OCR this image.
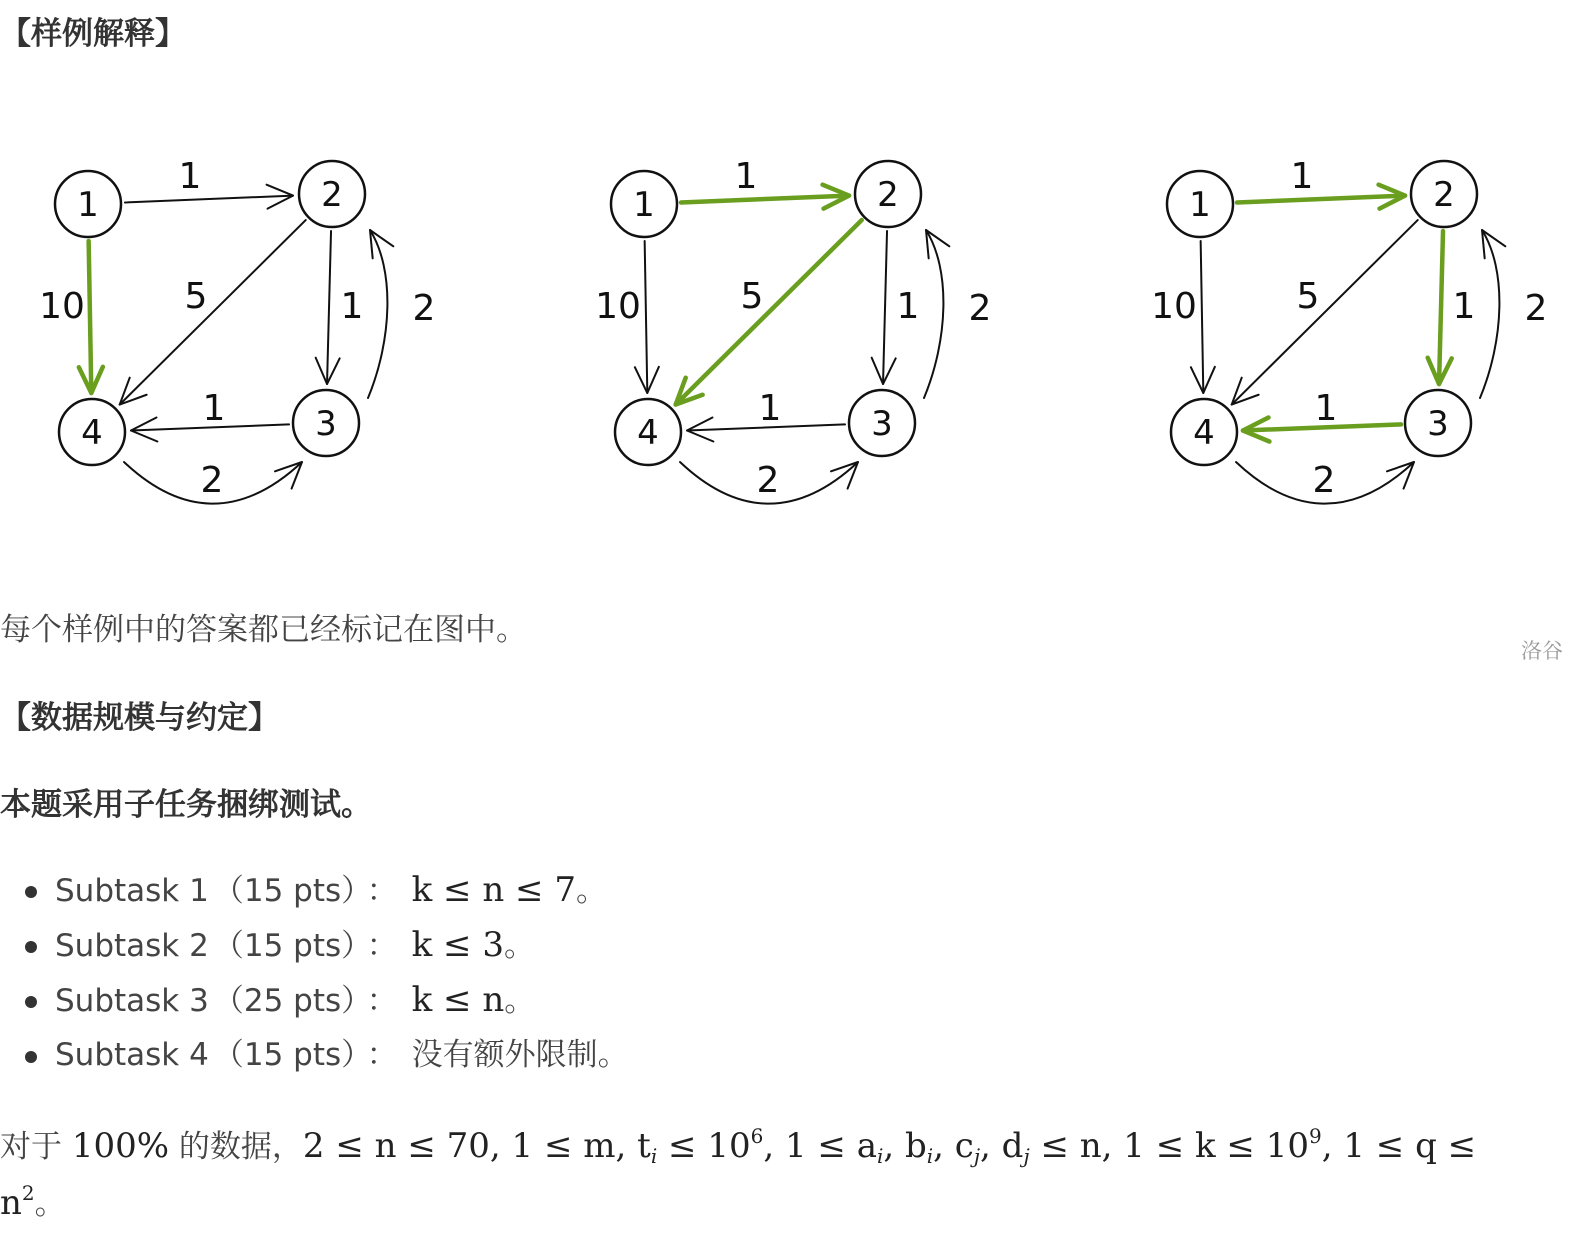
【样例解释】
1
10	5	1 2
1
2
1	2
3
4
1
10	5	1 2
1
2
1	2
3
4
1
10	5	1 2
1
2
1	2
3
4
洛谷

每个样例中的答案都已经标记在图中。

【数据规模与约定】
本题采用子任务捆绑测试。
Subtask 1 （15 pts） ： k ≤ n ≤ 7。
Subtask 2 （15 pts） ： k ≤ 3。
Subtask 3 （25 pts） ： k ≤ n。
Subtask 4 （15 pts） ： 没有额外限制。

对于 100% 的数据，2 ≤ n ≤ 70, 1 ≤ m, $t_i \le 10^6$, $1 \le a_i$, $b_i$, $c_j$, $d_j \le n$, $1 \le k \le 10^9$, $1 \le q \le n^2$。
